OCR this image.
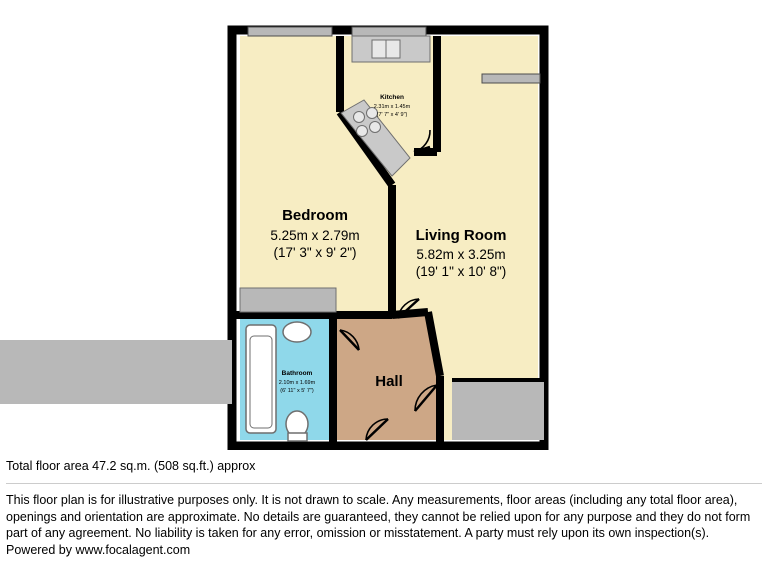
Bedroom
5.25m x 2.79m
(17' 3" x 9' 2")
Living Room
5.82m x 3.25m
(19' 1" x 10' 8")
Kitchen
2.31m x 1.45m
(7' 7" x 4' 9")
Bathroom
2.10m x 1.69m
(6' 11" x 5' 7")
Hall

Total floor area 47.2 sq.m. (508 sq.ft.) approx

This floor plan is for illustrative purposes only. It is not drawn to scale. Any measurements, floor areas (including any total floor area),
openings and orientation are approximate. No details are guaranteed, they cannot be relied upon for any purpose and they do not form
part of any agreement. No liability is taken for any error, omission or misstatement. A party must rely upon its own inspection(s).
Powered by www.focalagent.com
